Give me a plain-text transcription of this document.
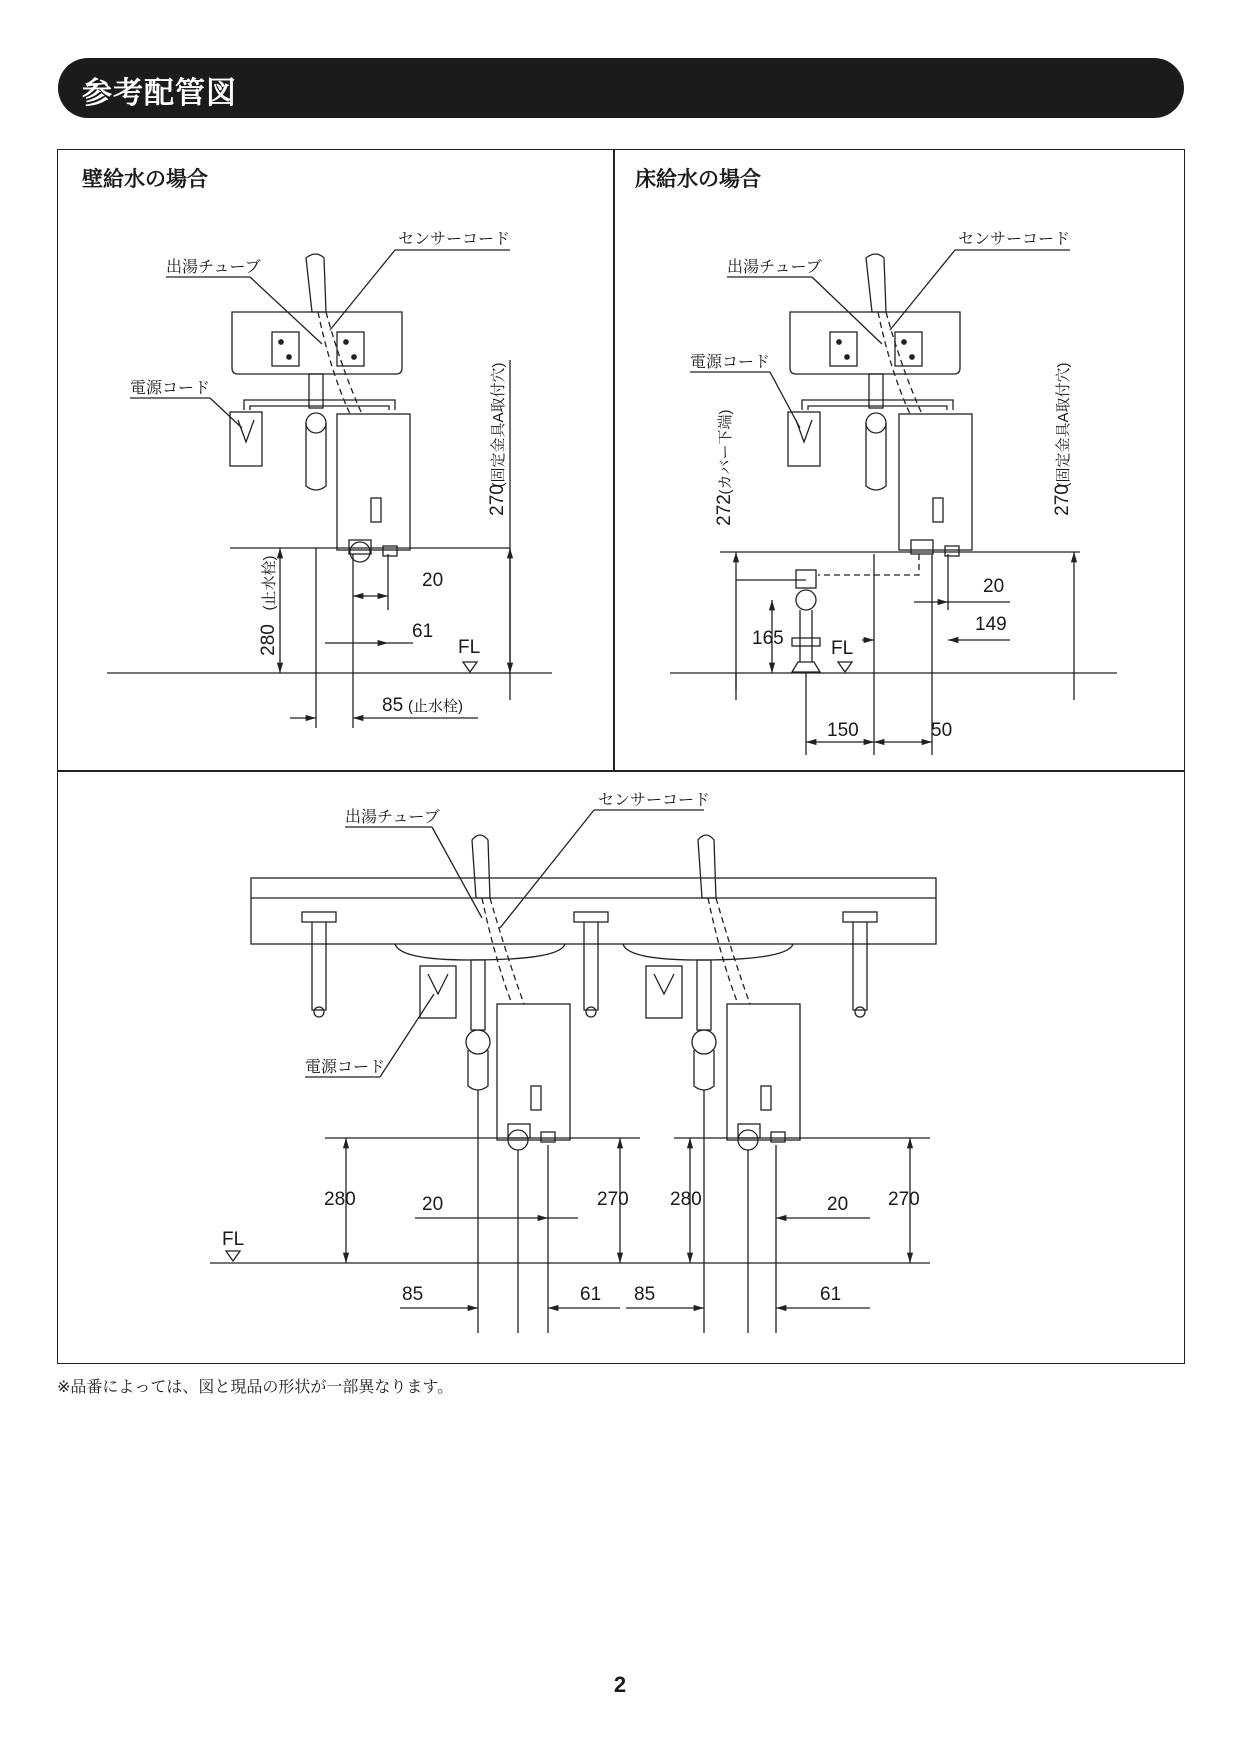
参考配管図
壁給水の場合	床給水の場合
出湯チューブ
センサーコード
電源コード
270
(固定金具A取付穴)
280
(止水栓)	20
61
FL
85 (止水栓)
出湯チューブ
センサーコード
電源コード
272
(カバー下端)
270
(固定金具A取付穴)
20
149
165 FL
150	50
出湯チューブ
センサーコード
電源コード
280	20	270
85	61
280	20 270
85	61
FL
※品番によっては、図と現品の形状が一部異なります。
2
